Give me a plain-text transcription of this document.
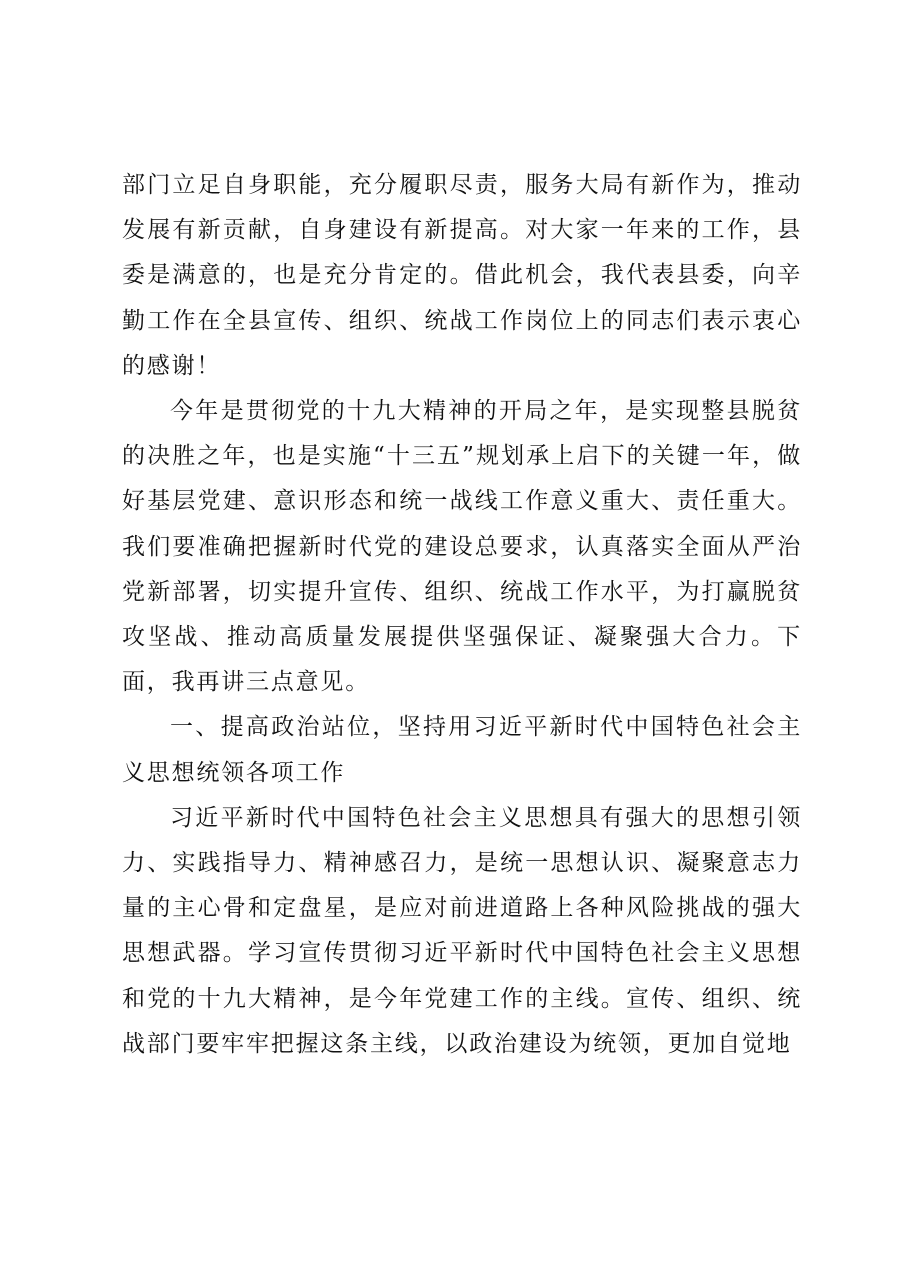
部门立足自身职能，充分履职尽责，服务大局有新作为，推动发展有新贡献，自身建设有新提高。对大家一年来的工作，县委是满意的，也是充分肯定的。借此机会，我代表县委，向辛勤工作在全县宣传、组织、统战工作岗位上的同志们表示衷心的感谢！

今年是贯彻党的十九大精神的开局之年，是实现整县脱贫的决胜之年，也是实施“十三五”规划承上启下的关键一年，做好基层党建、意识形态和统一战线工作意义重大、责任重大。我们要准确把握新时代党的建设总要求，认真落实全面从严治党新部署，切实提升宣传、组织、统战工作水平，为打赢脱贫攻坚战、推动高质量发展提供坚强保证、凝聚强大合力。下面，我再讲三点意见。

一、提高政治站位，坚持用习近平新时代中国特色社会主义思想统领各项工作

习近平新时代中国特色社会主义思想具有强大的思想引领力、实践指导力、精神感召力，是统一思想认识、凝聚意志力量的主心骨和定盘星，是应对前进道路上各种风险挑战的强大思想武器。学习宣传贯彻习近平新时代中国特色社会主义思想和党的十九大精神，是今年党建工作的主线。宣传、组织、统战部门要牢牢把握这条主线，以政治建设为统领，更加自觉地
